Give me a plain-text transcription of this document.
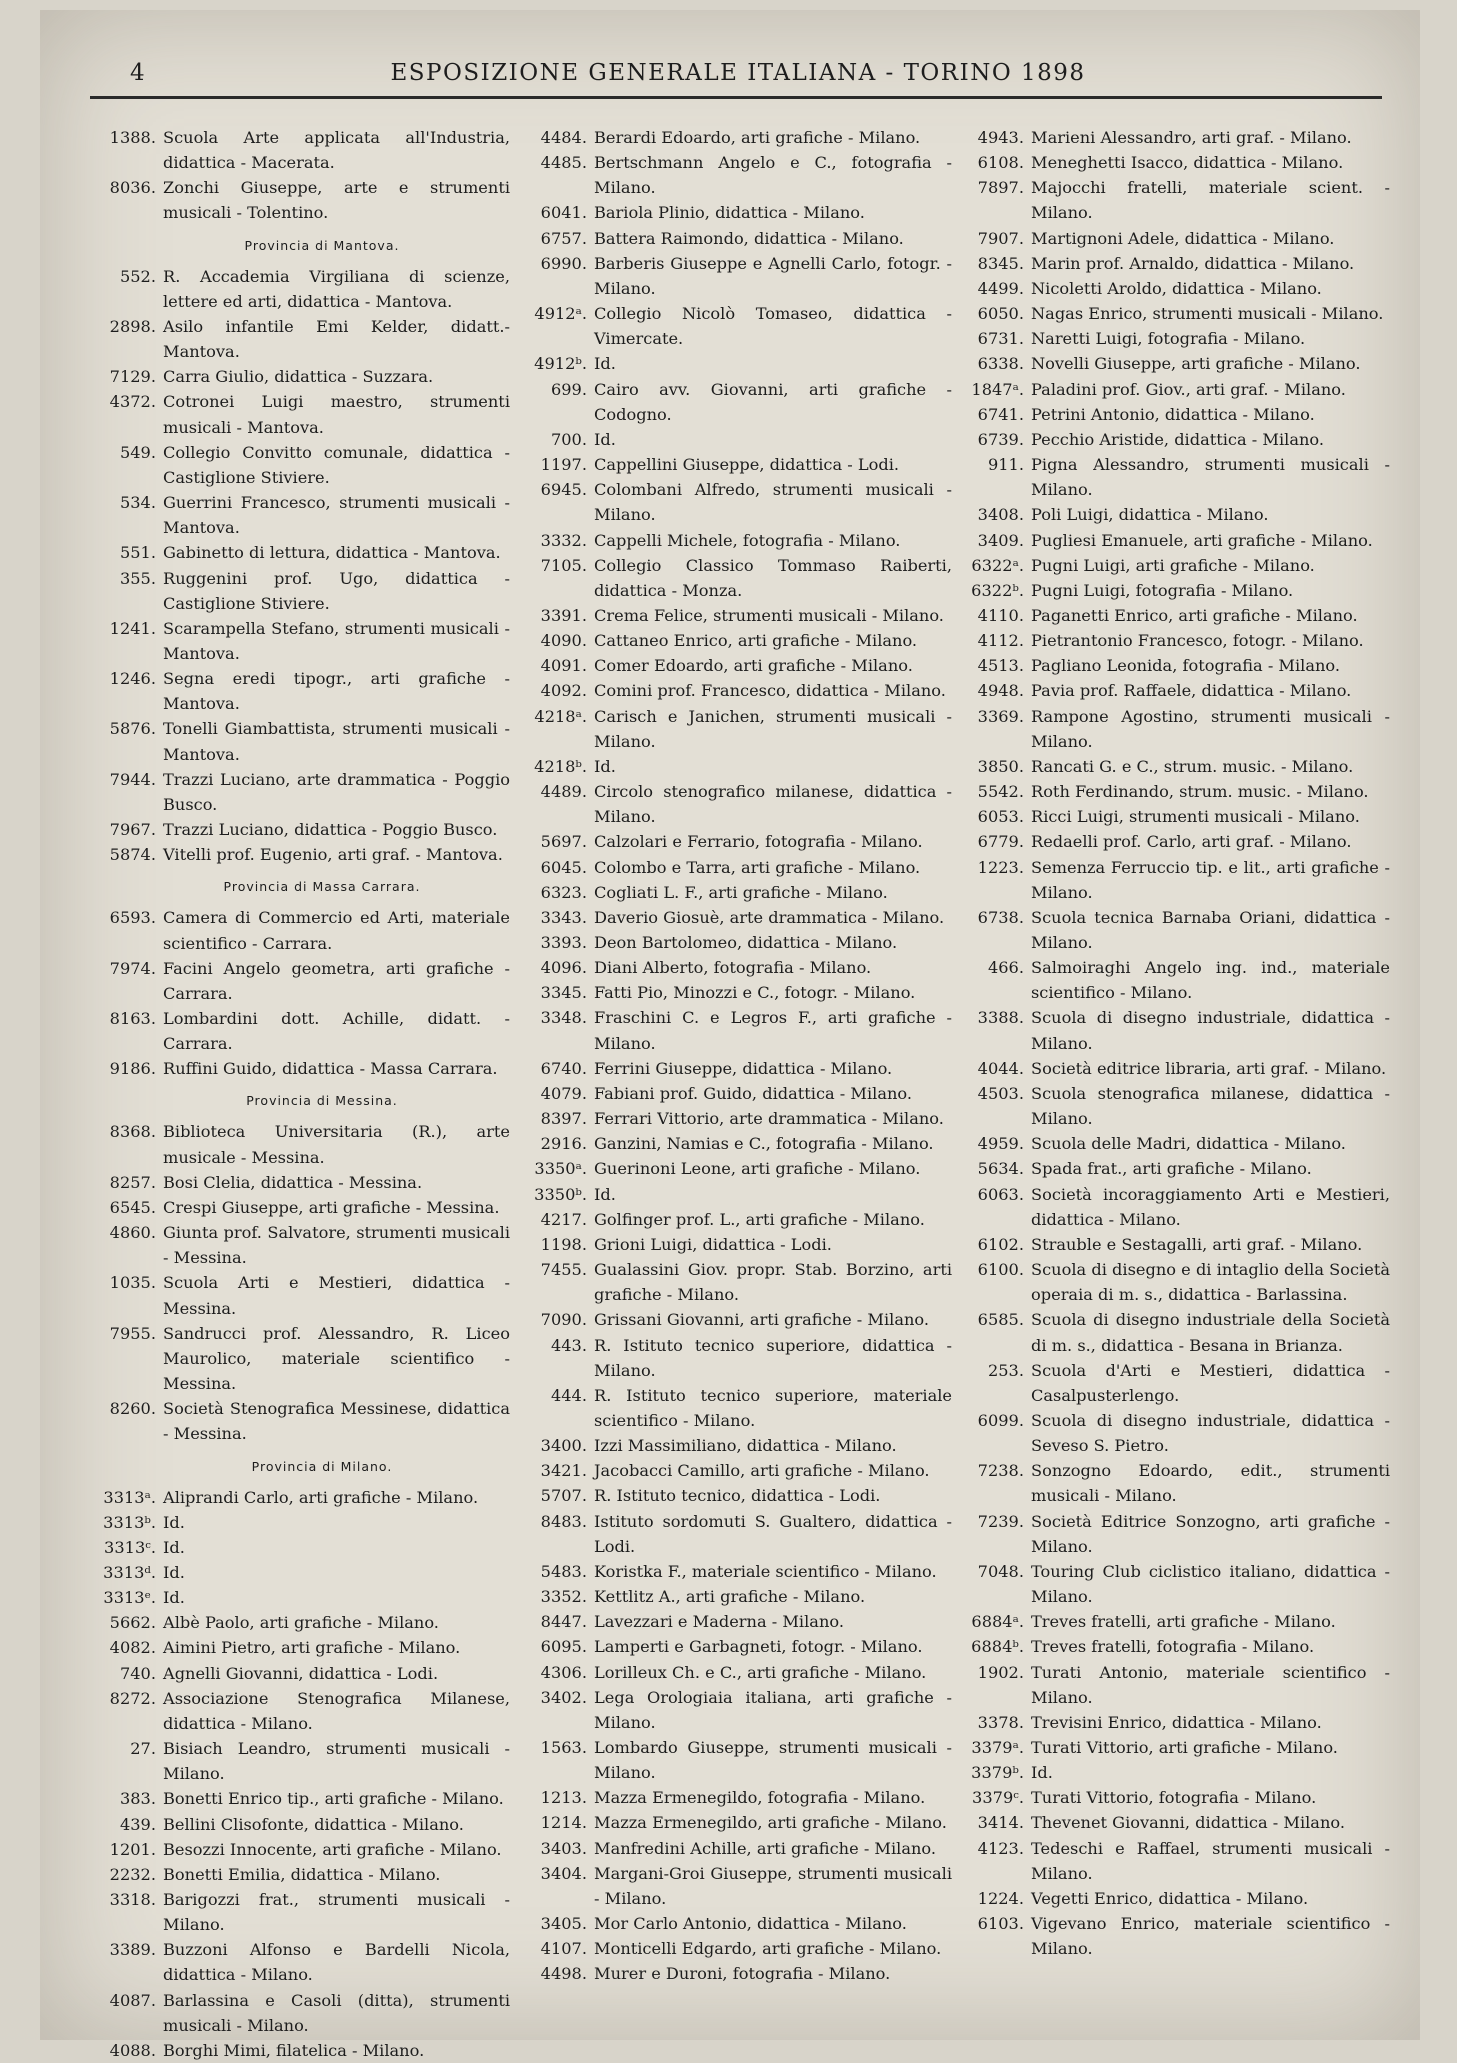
4	ESPOSIZIONE GENERALE ITALIANA - TORINO 1898
1388. Scuola Arte applicata all'Industria, didattica - Macerata.
8036. Zonchi Giuseppe, arte e strumenti musicali - Tolentino.
Provincia di Mantova.
552. R. Accademia Virgiliana di scienze, lettere ed arti, didattica - Mantova.
2898. Asilo infantile Emi Kelder, didatt.- Mantova.
7129. Carra Giulio, didattica - Suzzara.
4372. Cotronei Luigi maestro, strumenti musicali - Mantova.
549. Collegio Convitto comunale, didattica - Castiglione Stiviere.
534. Guerrini Francesco, strumenti musicali - Mantova.
551. Gabinetto di lettura, didattica - Mantova.
355. Ruggenini prof. Ugo, didattica - Castiglione Stiviere.
1241. Scarampella Stefano, strumenti musicali - Mantova.
1246. Segna eredi tipogr., arti grafiche - Mantova.
5876. Tonelli Giambattista, strumenti musicali - Mantova.
7944. Trazzi Luciano, arte drammatica - Poggio Busco.
7967. Trazzi Luciano, didattica - Poggio Busco.
5874. Vitelli prof. Eugenio, arti graf. - Mantova.
Provincia di Massa Carrara.
6593. Camera di Commercio ed Arti, materiale scientifico - Carrara.
7974. Facini Angelo geometra, arti grafiche - Carrara.
8163. Lombardini dott. Achille, didatt. - Carrara.
9186. Ruffini Guido, didattica - Massa Carrara.
Provincia di Messina.
8368. Biblioteca Universitaria (R.), arte musicale - Messina.
8257. Bosi Clelia, didattica - Messina.
6545. Crespi Giuseppe, arti grafiche - Messina.
4860. Giunta prof. Salvatore, strumenti musicali - Messina.
1035. Scuola Arti e Mestieri, didattica - Messina.
7955. Sandrucci prof. Alessandro, R. Liceo Maurolico, materiale scientifico - Messina.
8260. Società Stenografica Messinese, didattica - Messina.
Provincia di Milano.
3313ᵃ. Aliprandi Carlo, arti grafiche - Milano.
3313ᵇ. Id.
3313ᶜ. Id.
3313ᵈ. Id.
3313ᵉ. Id.
5662. Albè Paolo, arti grafiche - Milano.
4082. Aimini Pietro, arti grafiche - Milano.
740. Agnelli Giovanni, didattica - Lodi.
8272. Associazione Stenografica Milanese, didattica - Milano.
27. Bisiach Leandro, strumenti musicali - Milano.
383. Bonetti Enrico tip., arti grafiche - Milano.
439. Bellini Clisofonte, didattica - Milano.
1201. Besozzi Innocente, arti grafiche - Milano.
2232. Bonetti Emilia, didattica - Milano.
3318. Barigozzi frat., strumenti musicali - Milano.
3389. Buzzoni Alfonso e Bardelli Nicola, didattica - Milano.
4087. Barlassina e Casoli (ditta), strumenti musicali - Milano.
4088. Borghi Mimi, filatelica - Milano.
4484. Berardi Edoardo, arti grafiche - Milano.
4485. Bertschmann Angelo e C., fotografia - Milano.
6041. Bariola Plinio, didattica - Milano.
6757. Battera Raimondo, didattica - Milano.
6990. Barberis Giuseppe e Agnelli Carlo, fotogr. - Milano.
4912ᵃ. Collegio Nicolò Tomaseo, didattica - Vimercate.
4912ᵇ. Id.
699. Cairo avv. Giovanni, arti grafiche - Codogno.
700. Id.
1197. Cappellini Giuseppe, didattica - Lodi.
6945. Colombani Alfredo, strumenti musicali - Milano.
3332. Cappelli Michele, fotografia - Milano.
7105. Collegio Classico Tommaso Raiberti, didattica - Monza.
3391. Crema Felice, strumenti musicali - Milano.
4090. Cattaneo Enrico, arti grafiche - Milano.
4091. Comer Edoardo, arti grafiche - Milano.
4092. Comini prof. Francesco, didattica - Milano.
4218ᵃ. Carisch e Janichen, strumenti musicali - Milano.
4218ᵇ. Id.
4489. Circolo stenografico milanese, didattica - Milano.
5697. Calzolari e Ferrario, fotografia - Milano.
6045. Colombo e Tarra, arti grafiche - Milano.
6323. Cogliati L. F., arti grafiche - Milano.
3343. Daverio Giosuè, arte drammatica - Milano.
3393. Deon Bartolomeo, didattica - Milano.
4096. Diani Alberto, fotografia - Milano.
3345. Fatti Pio, Minozzi e C., fotogr. - Milano.
3348. Fraschini C. e Legros F., arti grafiche - Milano.
6740. Ferrini Giuseppe, didattica - Milano.
4079. Fabiani prof. Guido, didattica - Milano.
8397. Ferrari Vittorio, arte drammatica - Milano.
2916. Ganzini, Namias e C., fotografia - Milano.
3350ᵃ. Guerinoni Leone, arti grafiche - Milano.
3350ᵇ. Id.
4217. Golfinger prof. L., arti grafiche - Milano.
1198. Grioni Luigi, didattica - Lodi.
7455. Gualassini Giov. propr. Stab. Borzino, arti grafiche - Milano.
7090. Grissani Giovanni, arti grafiche - Milano.
443. R. Istituto tecnico superiore, didattica - Milano.
444. R. Istituto tecnico superiore, materiale scientifico - Milano.
3400. Izzi Massimiliano, didattica - Milano.
3421. Jacobacci Camillo, arti grafiche - Milano.
5707. R. Istituto tecnico, didattica - Lodi.
8483. Istituto sordomuti S. Gualtero, didattica - Lodi.
5483. Koristka F., materiale scientifico - Milano.
3352. Kettlitz A., arti grafiche - Milano.
8447. Lavezzari e Maderna - Milano.
6095. Lamperti e Garbagneti, fotogr. - Milano.
4306. Lorilleux Ch. e C., arti grafiche - Milano.
3402. Lega Orologiaia italiana, arti grafiche - Milano.
1563. Lombardo Giuseppe, strumenti musicali - Milano.
1213. Mazza Ermenegildo, fotografia - Milano.
1214. Mazza Ermenegildo, arti grafiche - Milano.
3403. Manfredini Achille, arti grafiche - Milano.
3404. Margani-Groi Giuseppe, strumenti musicali - Milano.
3405. Mor Carlo Antonio, didattica - Milano.
4107. Monticelli Edgardo, arti grafiche - Milano.
4498. Murer e Duroni, fotografia - Milano.
4943. Marieni Alessandro, arti graf. - Milano.
6108. Meneghetti Isacco, didattica - Milano.
7897. Majocchi fratelli, materiale scient. - Milano.
7907. Martignoni Adele, didattica - Milano.
8345. Marin prof. Arnaldo, didattica - Milano.
4499. Nicoletti Aroldo, didattica - Milano.
6050. Nagas Enrico, strumenti musicali - Milano.
6731. Naretti Luigi, fotografia - Milano.
6338. Novelli Giuseppe, arti grafiche - Milano.
1847ᵃ. Paladini prof. Giov., arti graf. - Milano.
6741. Petrini Antonio, didattica - Milano.
6739. Pecchio Aristide, didattica - Milano.
911. Pigna Alessandro, strumenti musicali - Milano.
3408. Poli Luigi, didattica - Milano.
3409. Pugliesi Emanuele, arti grafiche - Milano.
6322ᵃ. Pugni Luigi, arti grafiche - Milano.
6322ᵇ. Pugni Luigi, fotografia - Milano.
4110. Paganetti Enrico, arti grafiche - Milano.
4112. Pietrantonio Francesco, fotogr. - Milano.
4513. Pagliano Leonida, fotografia - Milano.
4948. Pavia prof. Raffaele, didattica - Milano.
3369. Rampone Agostino, strumenti musicali - Milano.
3850. Rancati G. e C., strum. music. - Milano.
5542. Roth Ferdinando, strum. music. - Milano.
6053. Ricci Luigi, strumenti musicali - Milano.
6779. Redaelli prof. Carlo, arti graf. - Milano.
1223. Semenza Ferruccio tip. e lit., arti grafiche - Milano.
6738. Scuola tecnica Barnaba Oriani, didattica - Milano.
466. Salmoiraghi Angelo ing. ind., materiale scientifico - Milano.
3388. Scuola di disegno industriale, didattica - Milano.
4044. Società editrice libraria, arti graf. - Milano.
4503. Scuola stenografica milanese, didattica - Milano.
4959. Scuola delle Madri, didattica - Milano.
5634. Spada frat., arti grafiche - Milano.
6063. Società incoraggiamento Arti e Mestieri, didattica - Milano.
6102. Strauble e Sestagalli, arti graf. - Milano.
6100. Scuola di disegno e di intaglio della Società operaia di m. s., didattica - Barlassina.
6585. Scuola di disegno industriale della Società di m. s., didattica - Besana in Brianza.
253. Scuola d'Arti e Mestieri, didattica - Casalpusterlengo.
6099. Scuola di disegno industriale, didattica - Seveso S. Pietro.
7238. Sonzogno Edoardo, edit., strumenti musicali - Milano.
7239. Società Editrice Sonzogno, arti grafiche - Milano.
7048. Touring Club ciclistico italiano, didattica - Milano.
6884ᵃ. Treves fratelli, arti grafiche - Milano.
6884ᵇ. Treves fratelli, fotografia - Milano.
1902. Turati Antonio, materiale scientifico - Milano.
3378. Trevisini Enrico, didattica - Milano.
3379ᵃ. Turati Vittorio, arti grafiche - Milano.
3379ᵇ. Id.
3379ᶜ. Turati Vittorio, fotografia - Milano.
3414. Thevenet Giovanni, didattica - Milano.
4123. Tedeschi e Raffael, strumenti musicali - Milano.
1224. Vegetti Enrico, didattica - Milano.
6103. Vigevano Enrico, materiale scientifico - Milano.
